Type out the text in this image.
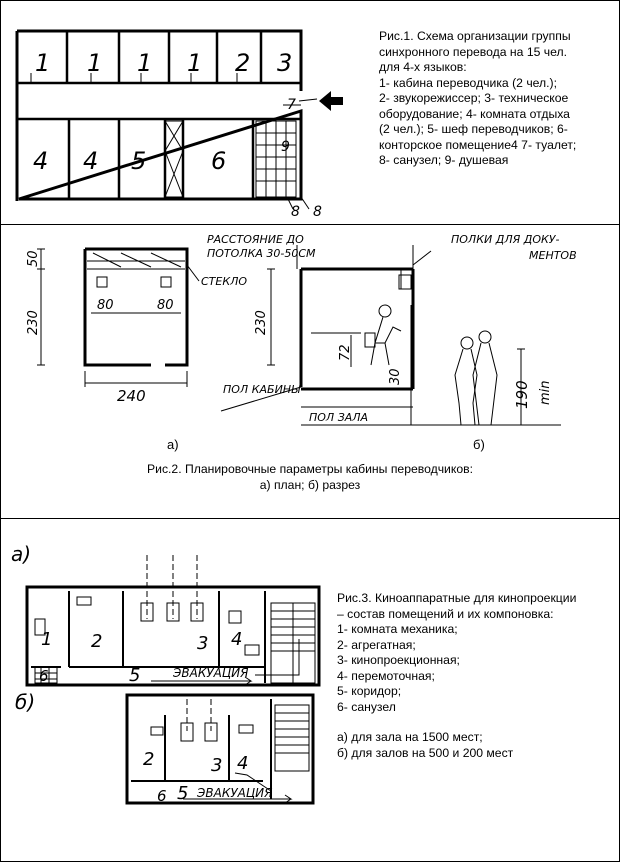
1 1 1 1 2 3
4 4 5	6
7
9
8 8
Рис.1. Схема организации группы
синхронного перевода на 15 чел.
для 4-х языков:
1- кабина переводчика (2 чел.);
2- звукорежиссер; 3- техническое
оборудование; 4- комната отдыха
(2 чел.); 5- шеф переводчиков; 6-
конторское помещение4 7- туалет;
8- санузел; 9- душевая
50
230
80	80
240
СТЕКЛО
230
72
30
190 min
РАССТОЯНИЕ ДО
ПОТОЛКА 30-50СМ
ПОЛКИ ДЛЯ ДОКУ-
МЕНТОВ
ПОЛ КАБИНЫ
ПОЛ ЗАЛА
а)	б)
Рис.2. Планировочные параметры кабины переводчиков:
а) план; б) разрез
а)
б)
1 2	3 4
5
6
2	3 4
5
6
ЭВАКУАЦИЯ
ЭВАКУАЦИЯ
Рис.3. Киноаппаратные для кинопроекции
– состав помещений и их компоновка:
1- комната механика;
2- агрегатная;
3- кинопроекционная;
4- перемоточная;
5- коридор;
6- санузел
а) для зала на 1500 мест;
б) для залов на 500 и 200 мест
